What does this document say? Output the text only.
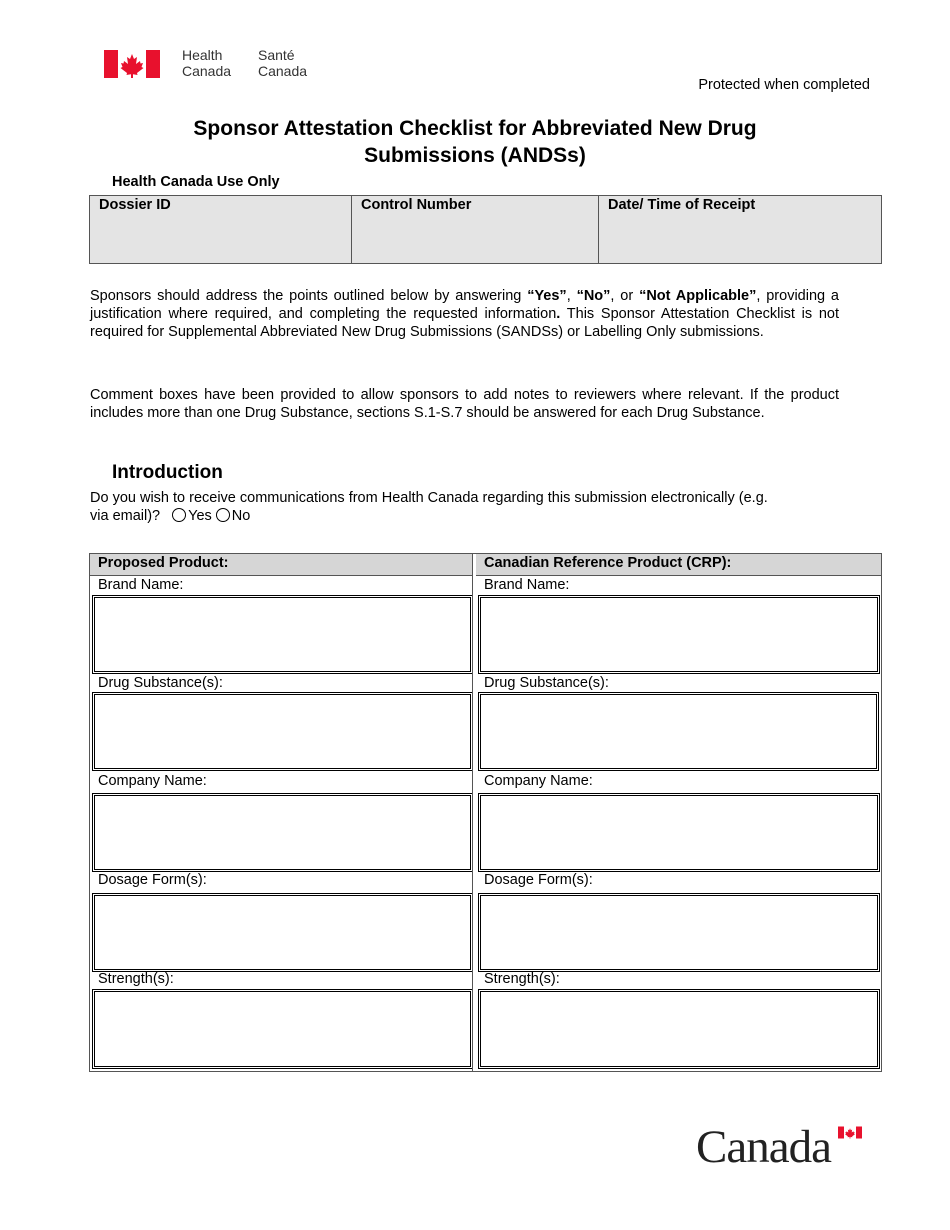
Health
Canada
Santé
Canada
Protected when completed
Sponsor Attestation Checklist for Abbreviated New Drug
Submissions (ANDSs)
Health Canada Use Only
Dossier ID	Control Number	Date/ Time of Receipt
Sponsors should address the points outlined below by answering “Yes”, “No”, or “Not Applicable”, providing a justification where required, and completing the requested information. This Sponsor Attestation Checklist is not required for Supplemental Abbreviated New Drug Submissions (SANDSs) or Labelling Only submissions.
Comment boxes have been provided to allow sponsors to add notes to reviewers where relevant. If the product includes more than one Drug Substance, sections S.1-S.7 should be answered for each Drug Substance.
Introduction
Do you wish to receive communications from Health Canada regarding this submission electronically (e.g.
via email)? Yes No
Proposed Product:
Brand Name:
Drug Substance(s):
Company Name:
Dosage Form(s):
Strength(s):
Canadian Reference Product (CRP):
Brand Name:
Drug Substance(s):
Company Name:
Dosage Form(s):
Strength(s):
Canada
